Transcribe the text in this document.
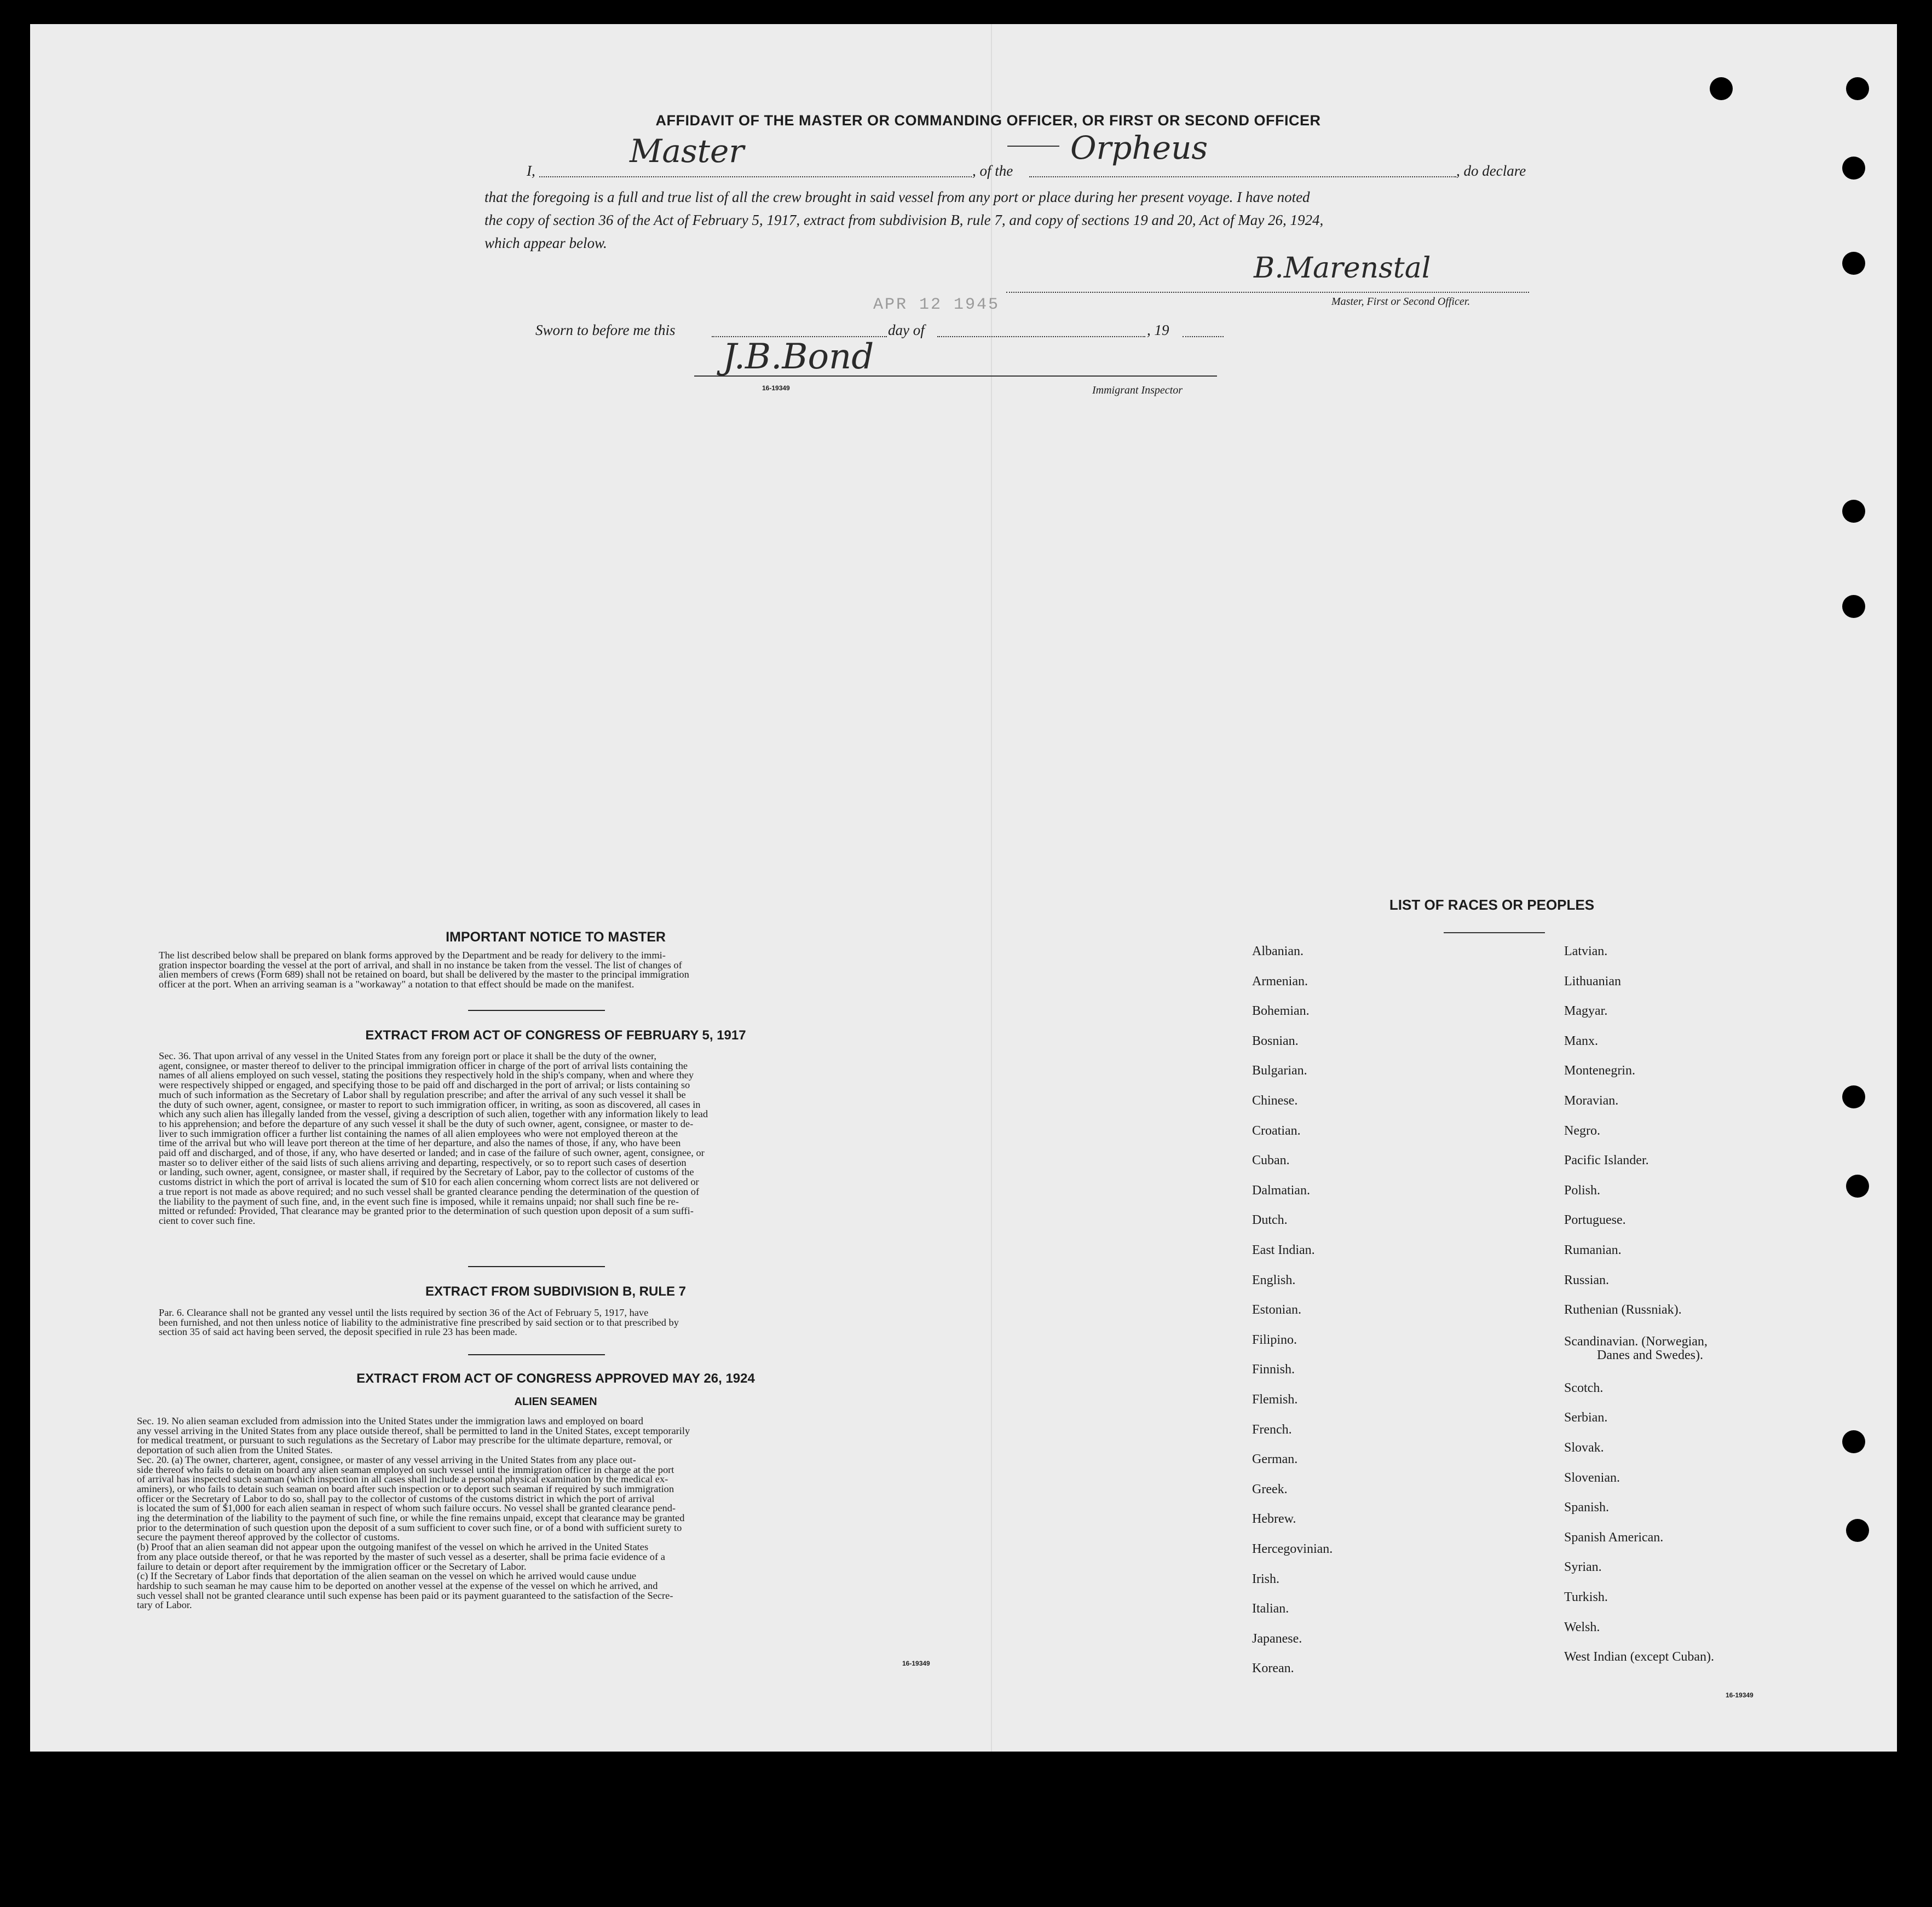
AFFIDAVIT OF THE MASTER OR COMMANDING OFFICER, OR FIRST OR SECOND OFFICER
I,
Master
, of the
Orpheus
, do declare
that the foregoing is a full and true list of all the crew brought in said vessel from any port or place during her present voyage. I have noted
the copy of section 36 of the Act of February 5, 1917, extract from subdivision B, rule 7, and copy of sections 19 and 20, Act of May 26, 1924,
which appear below.
B.Marenstal
Master, First or Second Officer.
APR 12 1945
Sworn to before me this	day of	, 19
J.B.Bond
16-19349	Immigrant Inspector
IMPORTANT NOTICE TO MASTER
The list described below shall be prepared on blank forms approved by the Department and be ready for delivery to the immi-
gration inspector boarding the vessel at the port of arrival, and shall in no instance be taken from the vessel. The list of changes of
alien members of crews (Form 689) shall not be retained on board, but shall be delivered by the master to the principal immigration
officer at the port. When an arriving seaman is a "workaway" a notation to that effect should be made on the manifest.
EXTRACT FROM ACT OF CONGRESS OF FEBRUARY 5, 1917
Sec. 36. That upon arrival of any vessel in the United States from any foreign port or place it shall be the duty of the owner,
agent, consignee, or master thereof to deliver to the principal immigration officer in charge of the port of arrival lists containing the
names of all aliens employed on such vessel, stating the positions they respectively hold in the ship's company, when and where they
were respectively shipped or engaged, and specifying those to be paid off and discharged in the port of arrival; or lists containing so
much of such information as the Secretary of Labor shall by regulation prescribe; and after the arrival of any such vessel it shall be
the duty of such owner, agent, consignee, or master to report to such immigration officer, in writing, as soon as discovered, all cases in
which any such alien has illegally landed from the vessel, giving a description of such alien, together with any information likely to lead
to his apprehension; and before the departure of any such vessel it shall be the duty of such owner, agent, consignee, or master to de-
liver to such immigration officer a further list containing the names of all alien employees who were not employed thereon at the
time of the arrival but who will leave port thereon at the time of her departure, and also the names of those, if any, who have been
paid off and discharged, and of those, if any, who have deserted or landed; and in case of the failure of such owner, agent, consignee, or
master so to deliver either of the said lists of such aliens arriving and departing, respectively, or so to report such cases of desertion
or landing, such owner, agent, consignee, or master shall, if required by the Secretary of Labor, pay to the collector of customs of the
customs district in which the port of arrival is located the sum of $10 for each alien concerning whom correct lists are not delivered or
a true report is not made as above required; and no such vessel shall be granted clearance pending the determination of the question of
the liability to the payment of such fine, and, in the event such fine is imposed, while it remains unpaid; nor shall such fine be re-
mitted or refunded: Provided, That clearance may be granted prior to the determination of such question upon deposit of a sum suffi-
cient to cover such fine.
EXTRACT FROM SUBDIVISION B, RULE 7
Par. 6. Clearance shall not be granted any vessel until the lists required by section 36 of the Act of February 5, 1917, have
been furnished, and not then unless notice of liability to the administrative fine prescribed by said section or to that prescribed by
section 35 of said act having been served, the deposit specified in rule 23 has been made.
EXTRACT FROM ACT OF CONGRESS APPROVED MAY 26, 1924
ALIEN SEAMEN
Sec. 19. No alien seaman excluded from admission into the United States under the immigration laws and employed on board
any vessel arriving in the United States from any place outside thereof, shall be permitted to land in the United States, except temporarily
for medical treatment, or pursuant to such regulations as the Secretary of Labor may prescribe for the ultimate departure, removal, or
deportation of such alien from the United States.
Sec. 20. (a) The owner, charterer, agent, consignee, or master of any vessel arriving in the United States from any place out-
side thereof who fails to detain on board any alien seaman employed on such vessel until the immigration officer in charge at the port
of arrival has inspected such seaman (which inspection in all cases shall include a personal physical examination by the medical ex-
aminers), or who fails to detain such seaman on board after such inspection or to deport such seaman if required by such immigration
officer or the Secretary of Labor to do so, shall pay to the collector of customs of the customs district in which the port of arrival
is located the sum of $1,000 for each alien seaman in respect of whom such failure occurs. No vessel shall be granted clearance pend-
ing the determination of the liability to the payment of such fine, or while the fine remains unpaid, except that clearance may be granted
prior to the determination of such question upon the deposit of a sum sufficient to cover such fine, or of a bond with sufficient surety to
secure the payment thereof approved by the collector of customs.
(b) Proof that an alien seaman did not appear upon the outgoing manifest of the vessel on which he arrived in the United States
from any place outside thereof, or that he was reported by the master of such vessel as a deserter, shall be prima facie evidence of a
failure to detain or deport after requirement by the immigration officer or the Secretary of Labor.
(c) If the Secretary of Labor finds that deportation of the alien seaman on the vessel on which he arrived would cause undue
hardship to such seaman he may cause him to be deported on another vessel at the expense of the vessel on which he arrived, and
such vessel shall not be granted clearance until such expense has been paid or its payment guaranteed to the satisfaction of the Secre-
tary of Labor.
16-19349
LIST OF RACES OR PEOPLES
Albanian.
Armenian.
Bohemian.
Bosnian.
Bulgarian.
Chinese.
Croatian.
Cuban.
Dalmatian.
Dutch.
East Indian.
English.
Estonian.
Filipino.
Finnish.
Flemish.
French.
German.
Greek.
Hebrew.
Hercegovinian.
Irish.
Italian.
Japanese.
Korean.
Latvian.
Lithuanian
Magyar.
Manx.
Montenegrin.
Moravian.
Negro.
Pacific Islander.
Polish.
Portuguese.
Rumanian.
Russian.
Ruthenian (Russniak).
Scandinavian. (Norwegian,
Danes and Swedes).
Scotch.
Serbian.
Slovak.
Slovenian.
Spanish.
Spanish American.
Syrian.
Turkish.
Welsh.
West Indian (except Cuban).
16-19349
